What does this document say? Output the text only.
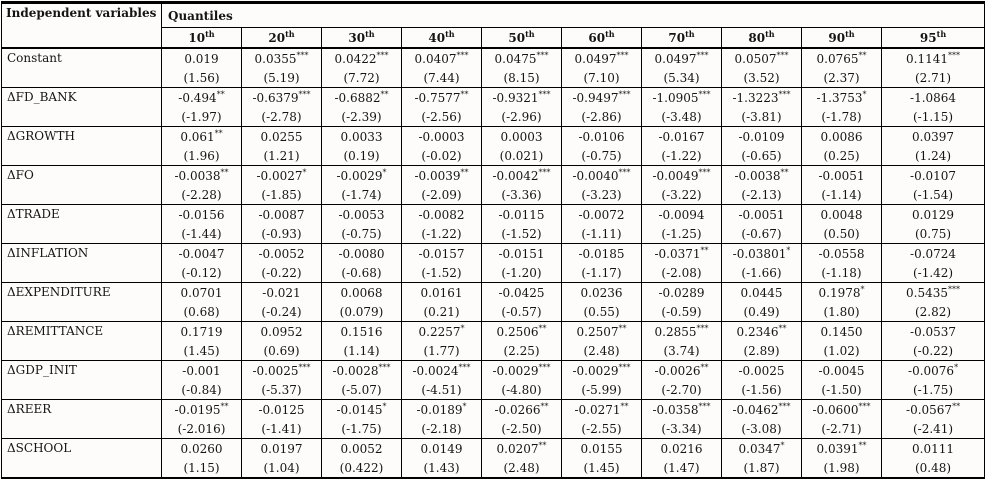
Independent variables	Quantiles									
	10th	20th	30th	40th	50th	60th	70th	80th	90th	95th
Constant	0.019	0.0355***	0.0422***	0.0407***	0.0475***	0.0497***	0.0497***	0.0507***	0.0765**	0.1141***
	(1.56)	(5.19)	(7.72)	(7.44)	(8.15)	(7.10)	(5.34)	(3.52)	(2.37)	(2.71)
ΔFD_BANK	-0.494**	-0.6379***	-0.6882**	-0.7577**	-0.9321***	-0.9497***	-1.0905***	-1.3223***	-1.3753*	-1.0864
	(-1.97)	(-2.78)	(-2.39)	(-2.56)	(-2.96)	(-2.86)	(-3.48)	(-3.81)	(-1.78)	(-1.15)
ΔGROWTH	0.061**	0.0255	0.0033	-0.0003	0.0003	-0.0106	-0.0167	-0.0109	0.0086	0.0397
	(1.96)	(1.21)	(0.19)	(-0.02)	(0.021)	(-0.75)	(-1.22)	(-0.65)	(0.25)	(1.24)
ΔFO	-0.0038**	-0.0027*	-0.0029*	-0.0039**	-0.0042***	-0.0040***	-0.0049***	-0.0038**	-0.0051	-0.0107
	(-2.28)	(-1.85)	(-1.74)	(-2.09)	(-3.36)	(-3.23)	(-3.22)	(-2.13)	(-1.14)	(-1.54)
ΔTRADE	-0.0156	-0.0087	-0.0053	-0.0082	-0.0115	-0.0072	-0.0094	-0.0051	0.0048	0.0129
	(-1.44)	(-0.93)	(-0.75)	(-1.22)	(-1.52)	(-1.11)	(-1.25)	(-0.67)	(0.50)	(0.75)
ΔINFLATION	-0.0047	-0.0052	-0.0080	-0.0157	-0.0151	-0.0185	-0.0371**	-0.03801*	-0.0558	-0.0724
	(-0.12)	(-0.22)	(-0.68)	(-1.52)	(-1.20)	(-1.17)	(-2.08)	(-1.66)	(-1.18)	(-1.42)
ΔEXPENDITURE	0.0701	-0.021	0.0068	0.0161	-0.0425	0.0236	-0.0289	0.0445	0.1978*	0.5435***
	(0.68)	(-0.24)	(0.079)	(0.21)	(-0.57)	(0.55)	(-0.59)	(0.49)	(1.80)	(2.82)
ΔREMITTANCE	0.1719	0.0952	0.1516	0.2257*	0.2506**	0.2507**	0.2855***	0.2346**	0.1450	-0.0537
	(1.45)	(0.69)	(1.14)	(1.77)	(2.25)	(2.48)	(3.74)	(2.89)	(1.02)	(-0.22)
ΔGDP_INIT	-0.001	-0.0025***	-0.0028***	-0.0024***	-0.0029***	-0.0029***	-0.0026**	-0.0025	-0.0045	-0.0076*
	(-0.84)	(-5.37)	(-5.07)	(-4.51)	(-4.80)	(-5.99)	(-2.70)	(-1.56)	(-1.50)	(-1.75)
ΔREER	-0.0195**	-0.0125	-0.0145*	-0.0189*	-0.0266**	-0.0271**	-0.0358***	-0.0462***	-0.0600***	-0.0567**
	(-2.016)	(-1.41)	(-1.75)	(-2.18)	(-2.50)	(-2.55)	(-3.34)	(-3.08)	(-2.71)	(-2.41)
ΔSCHOOL	0.0260	0.0197	0.0052	0.0149	0.0207**	0.0155	0.0216	0.0347*	0.0391**	0.0111
	(1.15)	(1.04)	(0.422)	(1.43)	(2.48)	(1.45)	(1.47)	(1.87)	(1.98)	(0.48)
